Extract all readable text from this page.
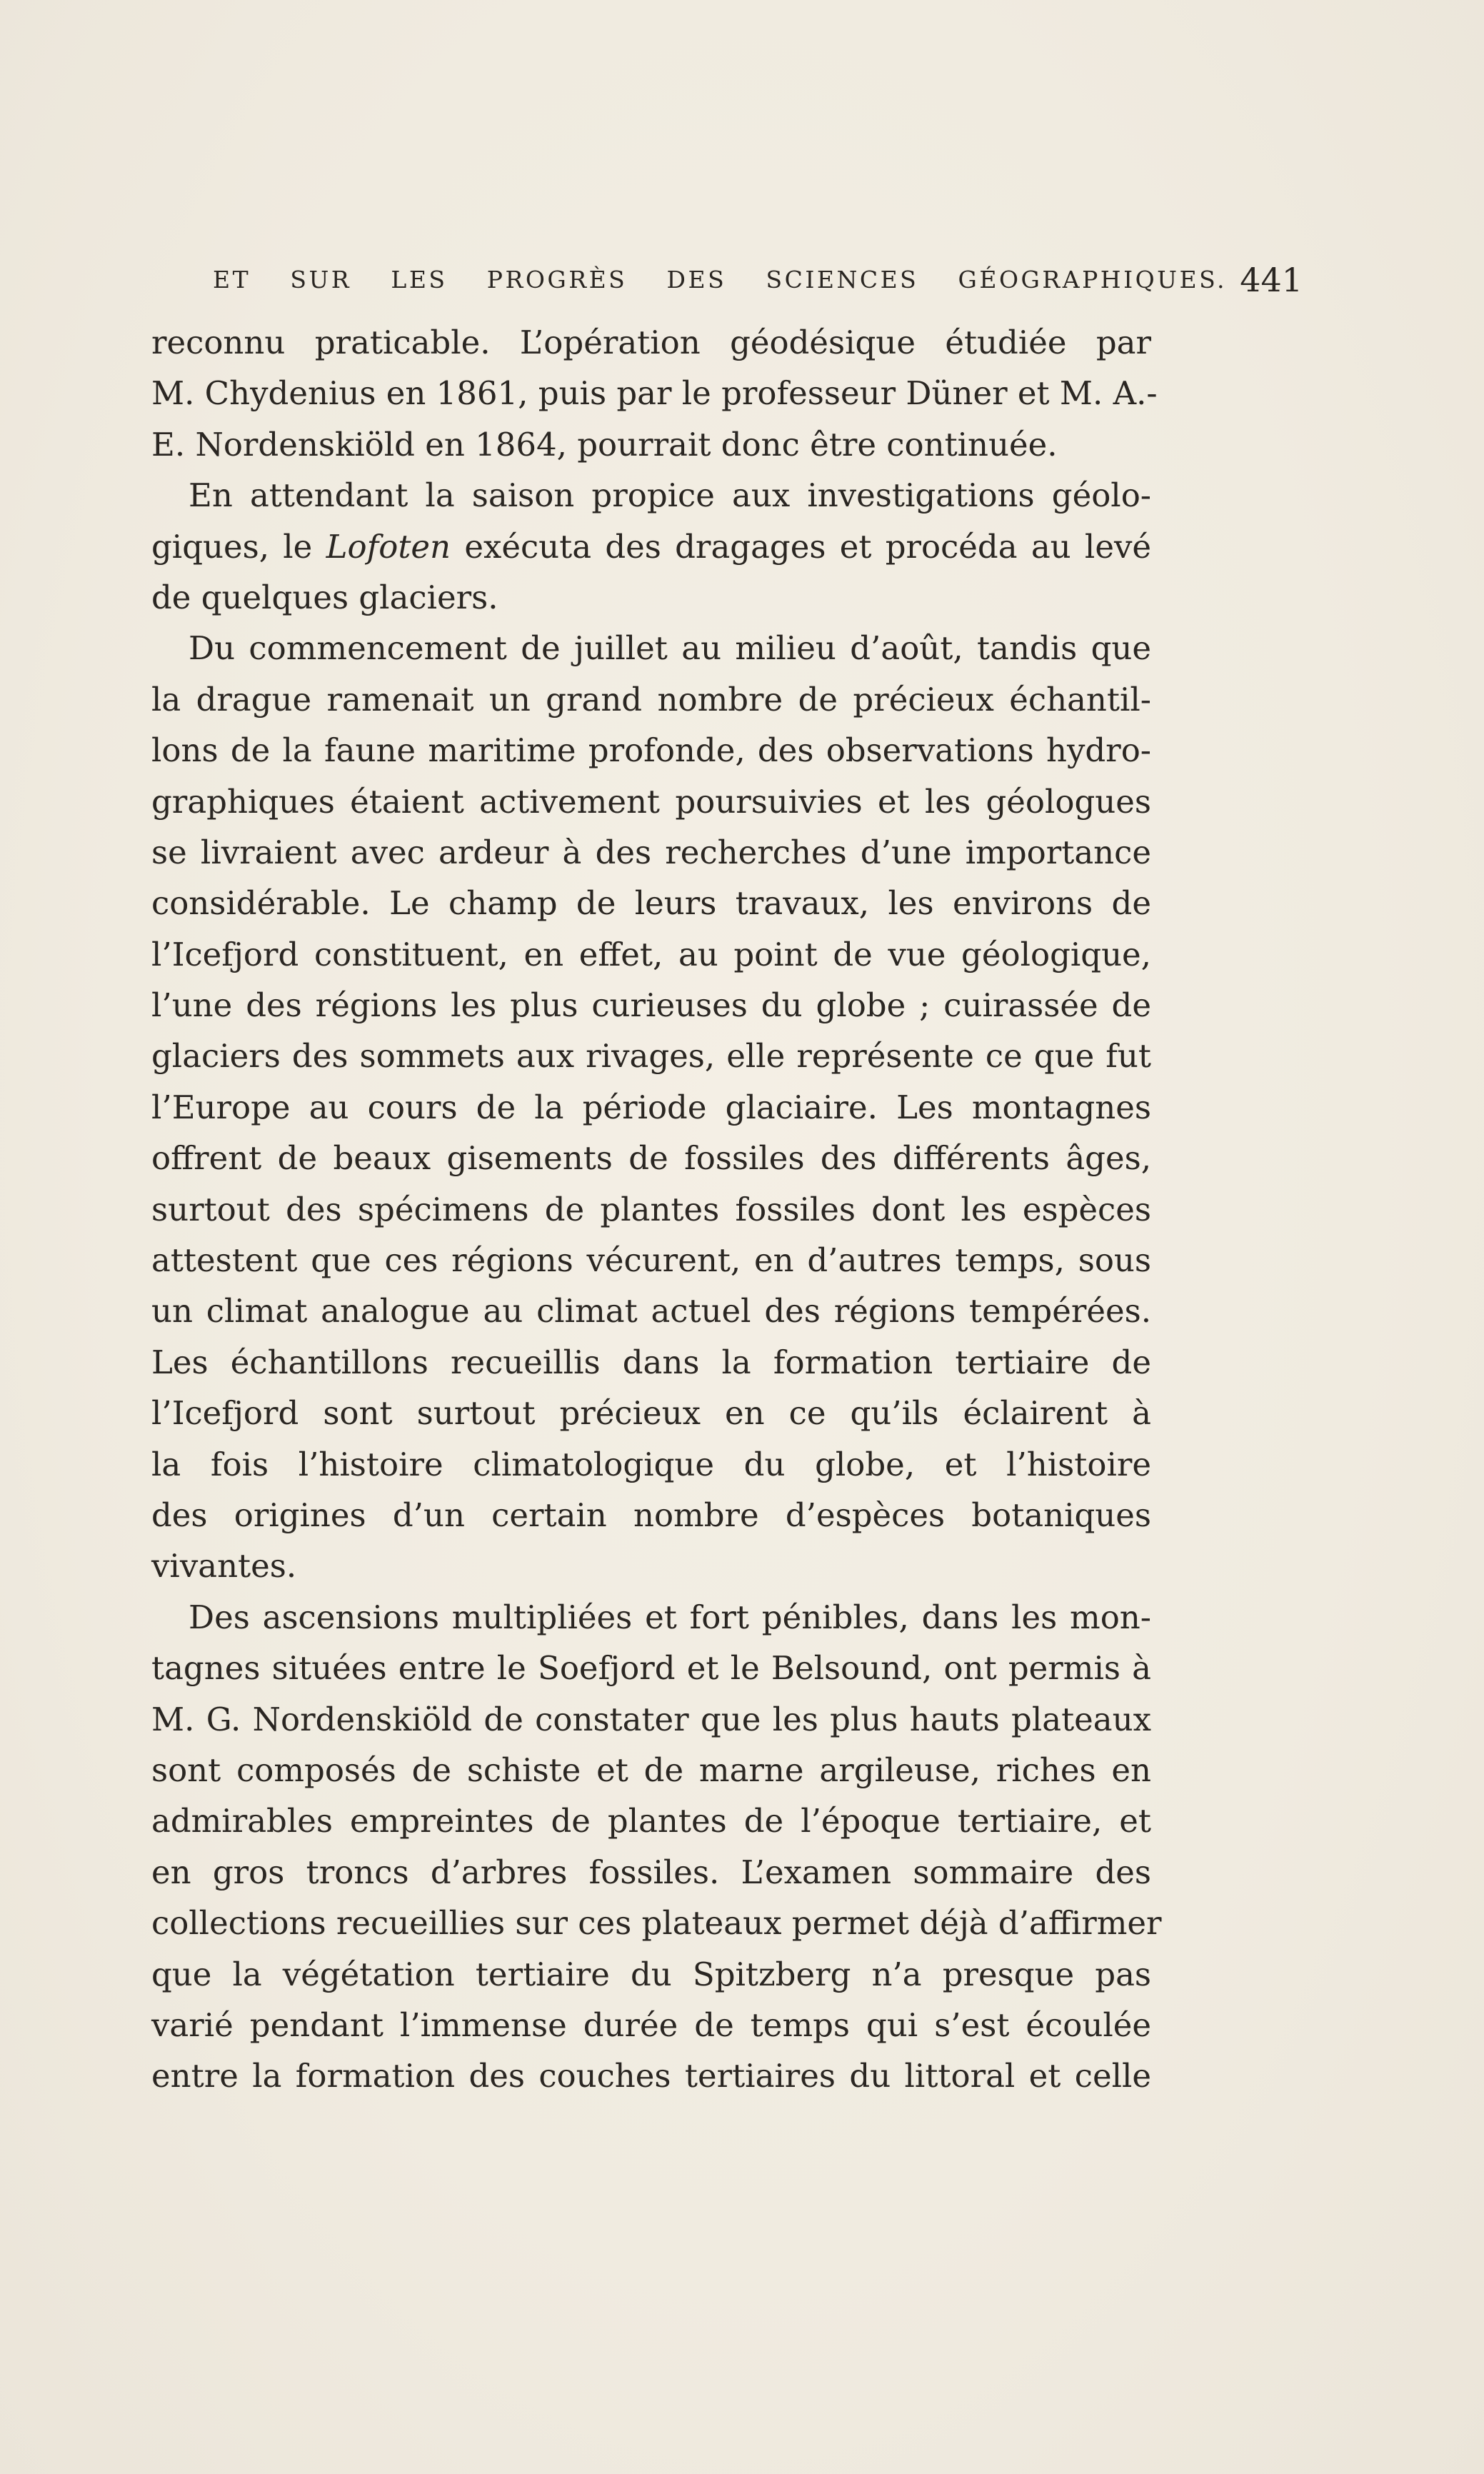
ET SUR LES PROGRÈS DES SCIENCES GÉOGRAPHIQUES. 441
reconnu praticable. L’opération géodésique étudiée par
M. Chydenius en 1861, puis par le professeur Düner et M. A.-
E. Nordenskiöld en 1864, pourrait donc être continuée.
En attendant la saison propice aux investigations géolo-
giques, le Lofoten exécuta des dragages et procéda au levé
de quelques glaciers.
Du commencement de juillet au milieu d’août, tandis que
la drague ramenait un grand nombre de précieux échantil-
lons de la faune maritime profonde, des observations hydro-
graphiques étaient activement poursuivies et les géologues
se livraient avec ardeur à des recherches d’une importance
considérable. Le champ de leurs travaux, les environs de
l’Icefjord constituent, en effet, au point de vue géologique,
l’une des régions les plus curieuses du globe ; cuirassée de
glaciers des sommets aux rivages, elle représente ce que fut
l’Europe au cours de la période glaciaire. Les montagnes
offrent de beaux gisements de fossiles des différents âges,
surtout des spécimens de plantes fossiles dont les espèces
attestent que ces régions vécurent, en d’autres temps, sous
un climat analogue au climat actuel des régions tempérées.
Les échantillons recueillis dans la formation tertiaire de
l’Icefjord sont surtout précieux en ce qu’ils éclairent à
la fois l’histoire climatologique du globe, et l’histoire
des origines d’un certain nombre d’espèces botaniques
vivantes.
Des ascensions multipliées et fort pénibles, dans les mon-
tagnes situées entre le Soefjord et le Belsound, ont permis à
M. G. Nordenskiöld de constater que les plus hauts plateaux
sont composés de schiste et de marne argileuse, riches en
admirables empreintes de plantes de l’époque tertiaire, et
en gros troncs d’arbres fossiles. L’examen sommaire des
collections recueillies sur ces plateaux permet déjà d’affirmer
que la végétation tertiaire du Spitzberg n’a presque pas
varié pendant l’immense durée de temps qui s’est écoulée
entre la formation des couches tertiaires du littoral et celle
